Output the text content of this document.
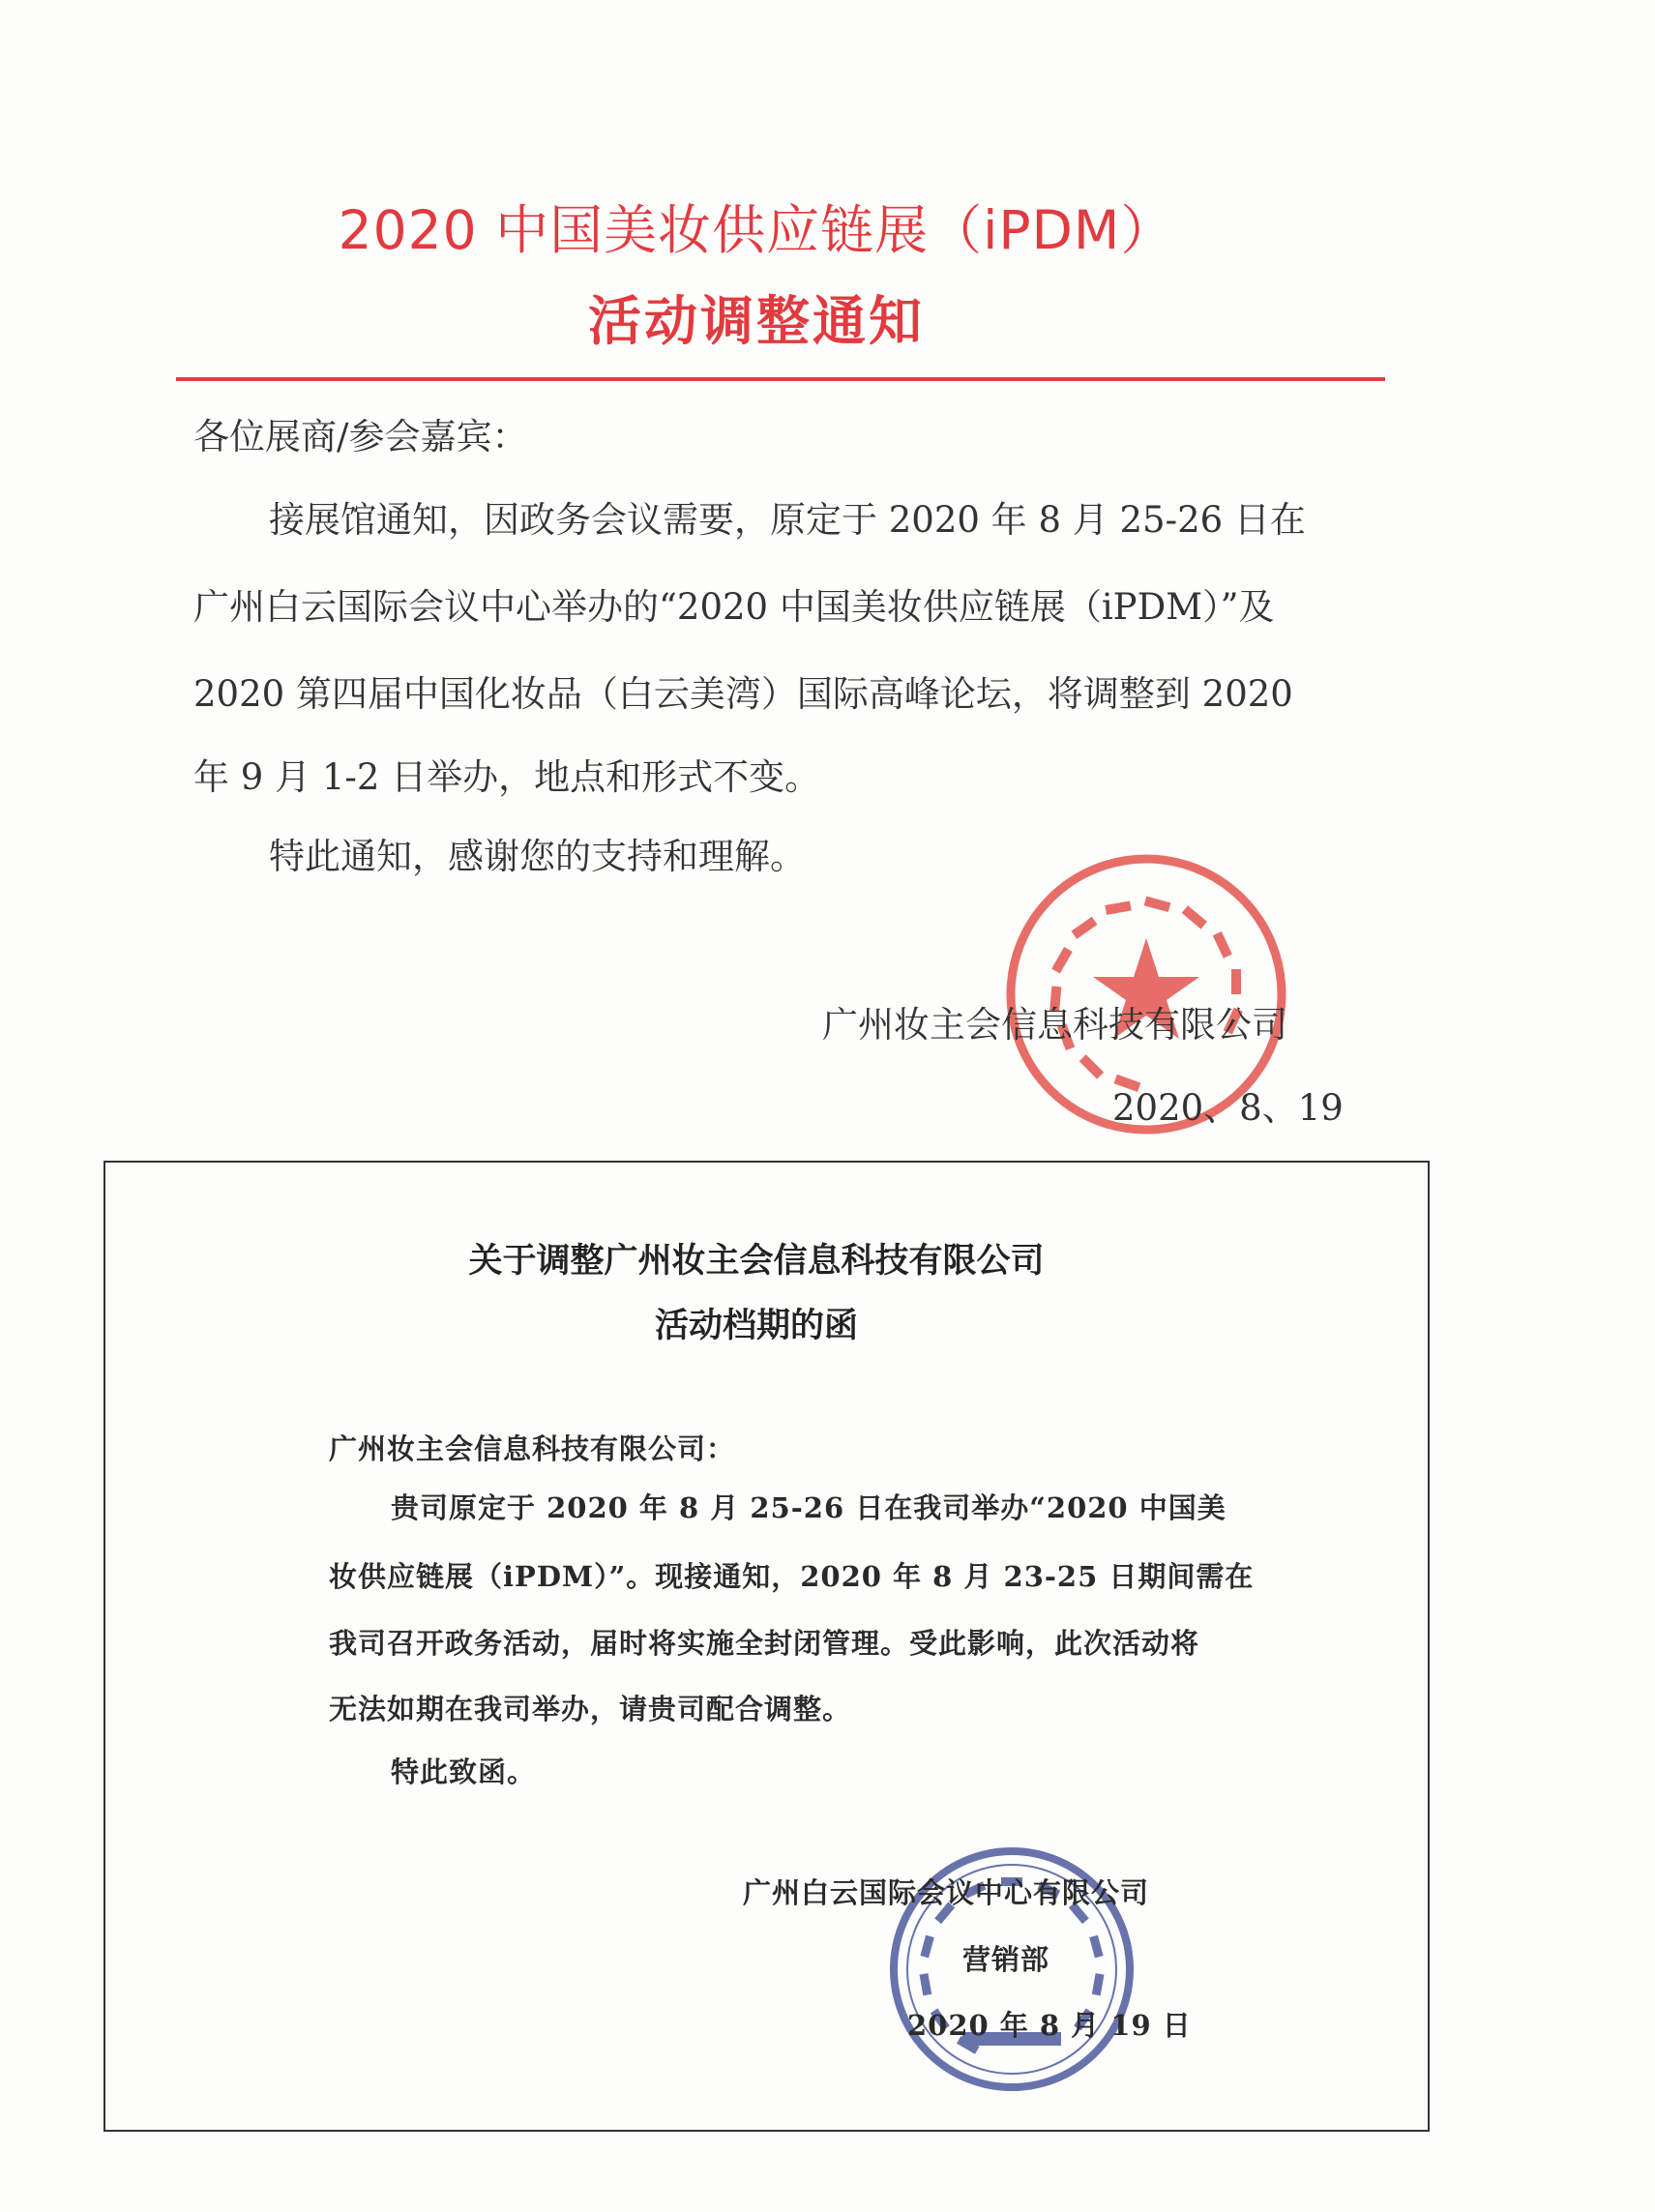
2020 中国美妆供应链展（iPDM）
活动调整通知
各位展商/参会嘉宾：
接展馆通知，因政务会议需要，原定于 2020 年 8 月 25-26 日在
广州白云国际会议中心举办的“2020 中国美妆供应链展（iPDM）”及
2020 第四届中国化妆品（白云美湾）国际高峰论坛，将调整到 2020
年 9 月 1-2 日举办，地点和形式不变。
特此通知，感谢您的支持和理解。
广州妆主会信息科技有限公司
2020、8、19
关于调整广州妆主会信息科技有限公司
活动档期的函
广州妆主会信息科技有限公司：
贵司原定于 2020 年 8 月 25-26 日在我司举办“2020 中国美
妆供应链展（iPDM）”。现接通知，2020 年 8 月 23-25 日期间需在
我司召开政务活动，届时将实施全封闭管理。受此影响，此次活动将
无法如期在我司举办，请贵司配合调整。
特此致函。
广州白云国际会议中心有限公司
营销部
2020 年 8 月 19 日
